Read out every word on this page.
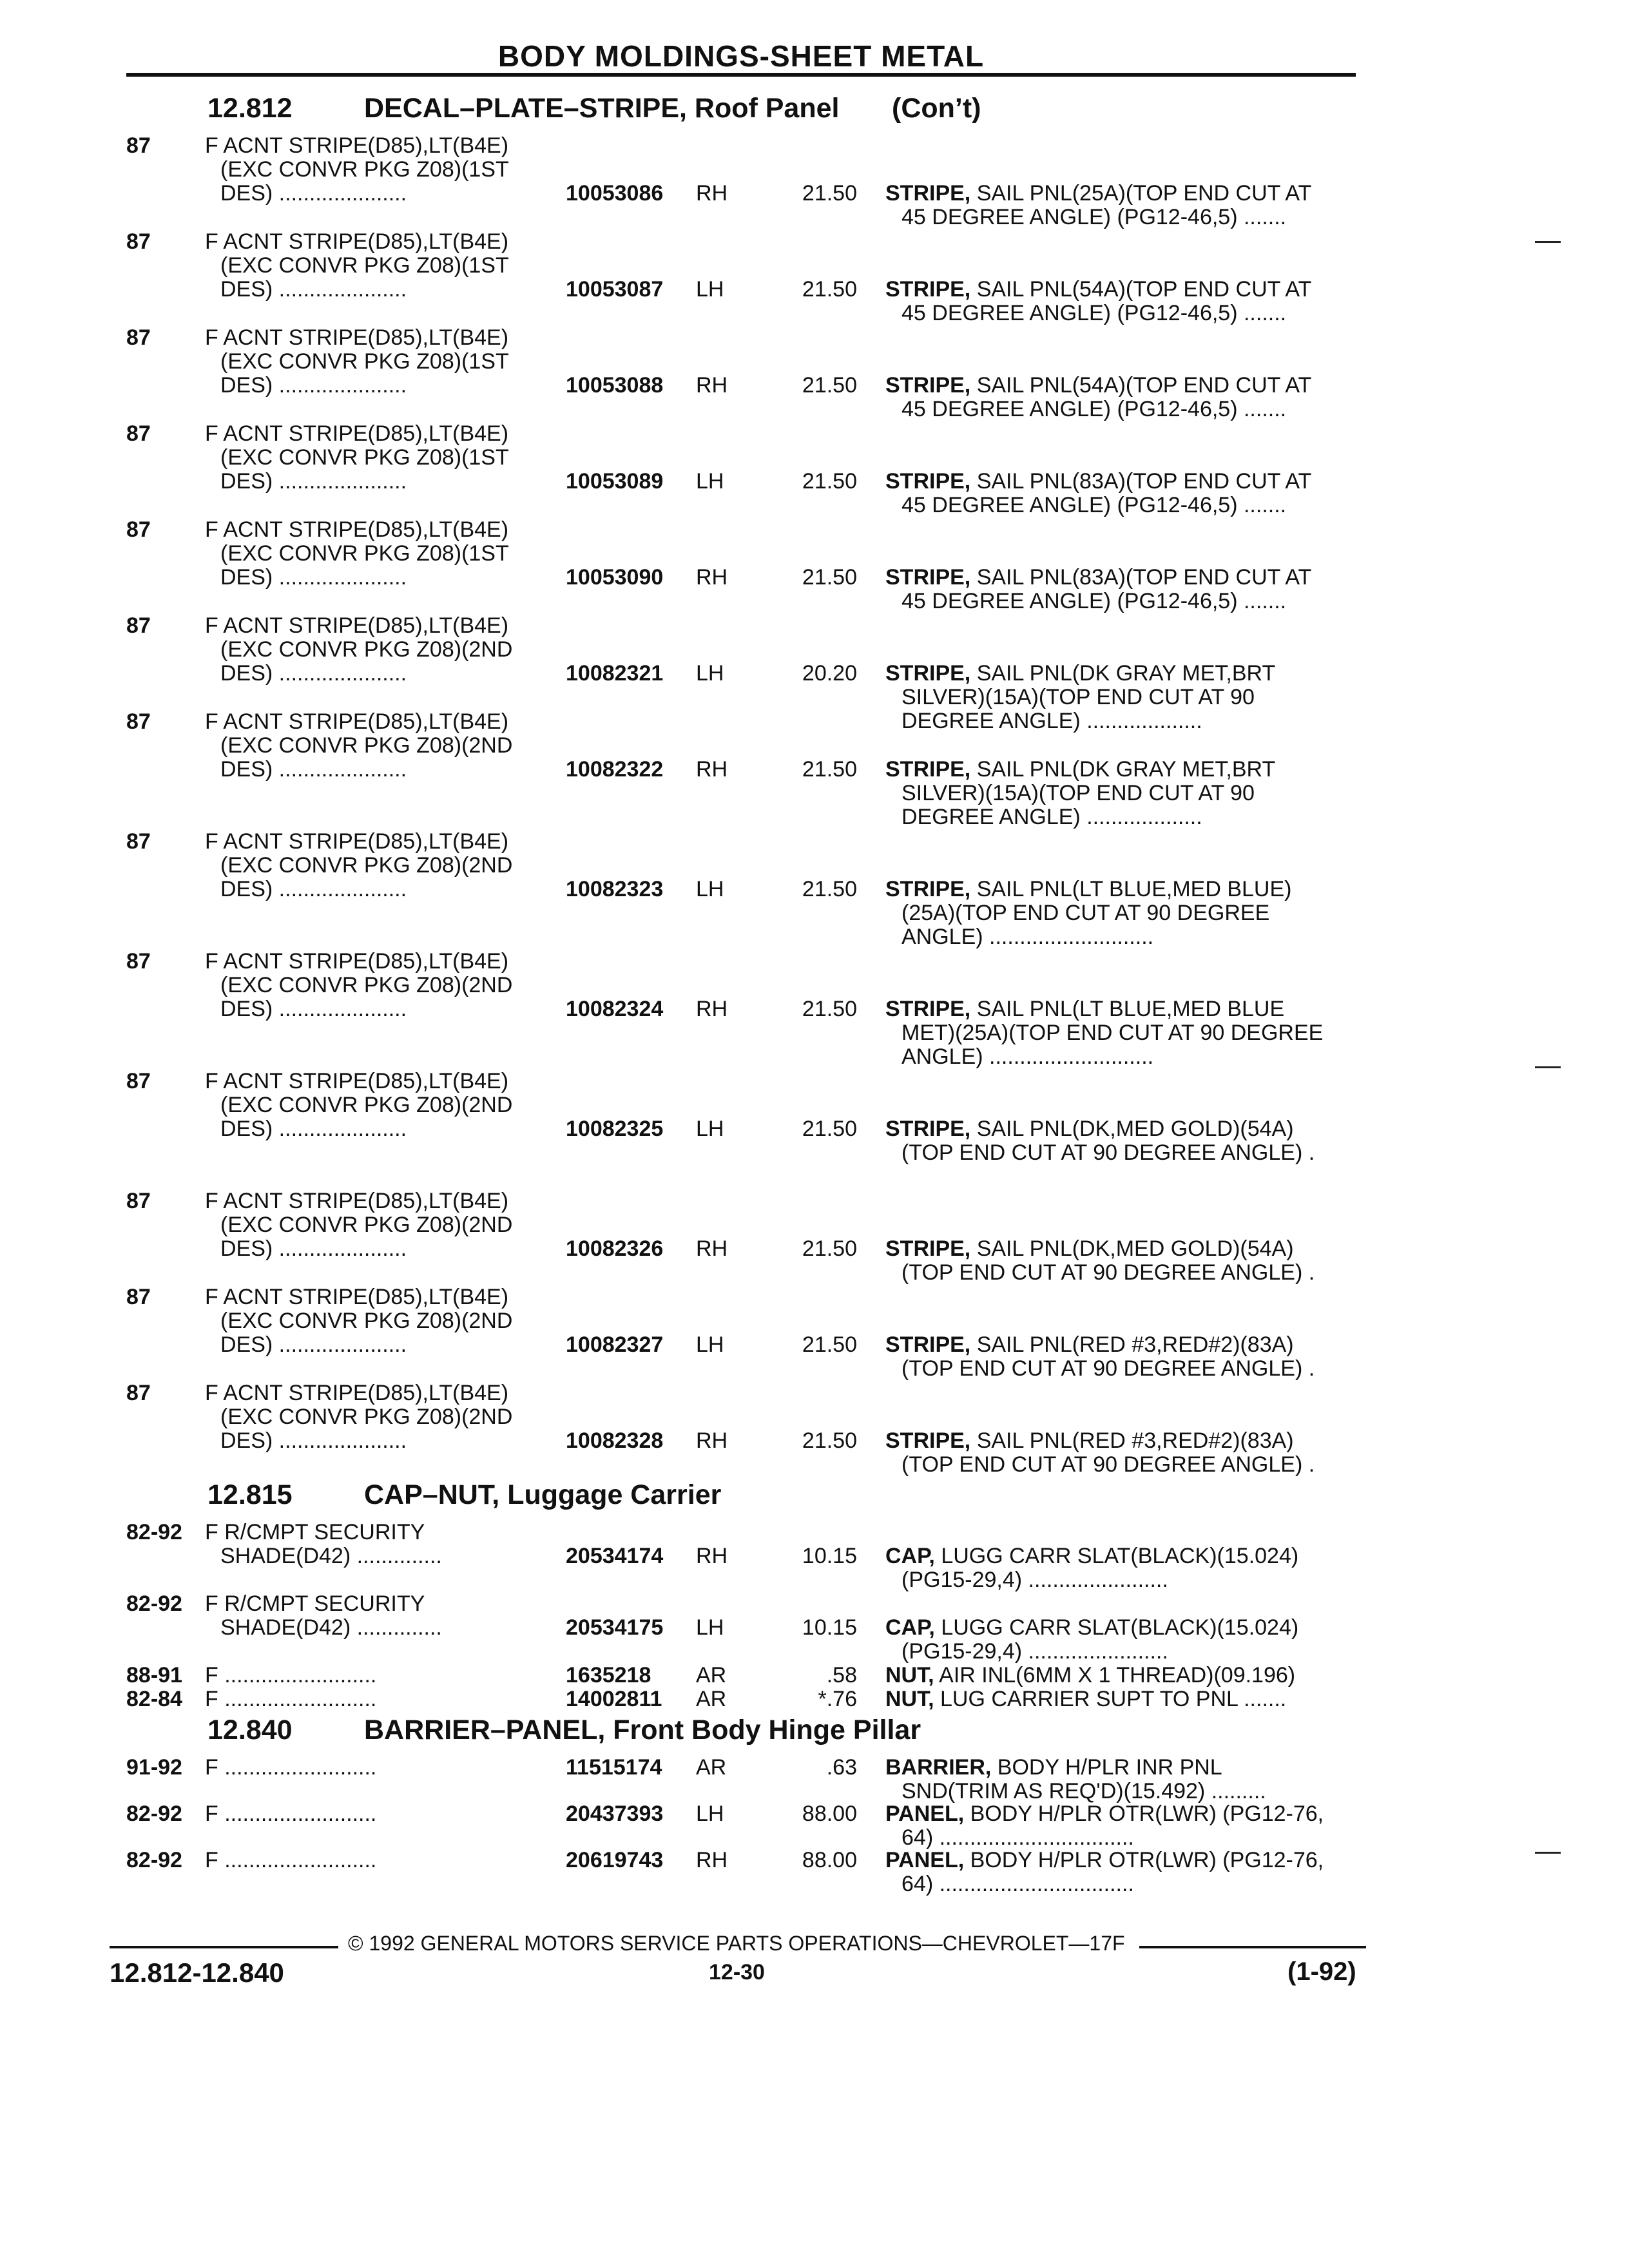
BODY MOLDINGS-SHEET METAL
12.812	DECAL–PLATE–STRIPE, Roof Panel (Con’t)
87 F ACNT STRIPE(D85),LT(B4E)
(EXC CONVR PKG Z08)(1ST
DES) .....................	10053086	RH	21.50 STRIPE, SAIL PNL(25A)(TOP END CUT AT
45 DEGREE ANGLE) (PG12-46,5) .......
87 F ACNT STRIPE(D85),LT(B4E)
(EXC CONVR PKG Z08)(1ST
DES) .....................	10053087	LH	21.50 STRIPE, SAIL PNL(54A)(TOP END CUT AT
45 DEGREE ANGLE) (PG12-46,5) .......
87 F ACNT STRIPE(D85),LT(B4E)
(EXC CONVR PKG Z08)(1ST
DES) .....................	10053088	RH	21.50 STRIPE, SAIL PNL(54A)(TOP END CUT AT
45 DEGREE ANGLE) (PG12-46,5) .......
87 F ACNT STRIPE(D85),LT(B4E)
(EXC CONVR PKG Z08)(1ST
DES) .....................	10053089	LH	21.50 STRIPE, SAIL PNL(83A)(TOP END CUT AT
45 DEGREE ANGLE) (PG12-46,5) .......
87 F ACNT STRIPE(D85),LT(B4E)
(EXC CONVR PKG Z08)(1ST
DES) .....................	10053090	RH	21.50 STRIPE, SAIL PNL(83A)(TOP END CUT AT
45 DEGREE ANGLE) (PG12-46,5) .......
87 F ACNT STRIPE(D85),LT(B4E)
(EXC CONVR PKG Z08)(2ND
DES) .....................	10082321	LH	20.20 STRIPE, SAIL PNL(DK GRAY MET,BRT
SILVER)(15A)(TOP END CUT AT 90
DEGREE ANGLE) ...................
87 F ACNT STRIPE(D85),LT(B4E)
(EXC CONVR PKG Z08)(2ND
DES) .....................	10082322	RH	21.50 STRIPE, SAIL PNL(DK GRAY MET,BRT
SILVER)(15A)(TOP END CUT AT 90
DEGREE ANGLE) ...................
87 F ACNT STRIPE(D85),LT(B4E)
(EXC CONVR PKG Z08)(2ND
DES) .....................	10082323	LH	21.50 STRIPE, SAIL PNL(LT BLUE,MED BLUE)
(25A)(TOP END CUT AT 90 DEGREE
ANGLE) ...........................
87 F ACNT STRIPE(D85),LT(B4E)
(EXC CONVR PKG Z08)(2ND
DES) .....................	10082324	RH	21.50 STRIPE, SAIL PNL(LT BLUE,MED BLUE
MET)(25A)(TOP END CUT AT 90 DEGREE
ANGLE) ...........................
87 F ACNT STRIPE(D85),LT(B4E)
(EXC CONVR PKG Z08)(2ND
DES) .....................	10082325	LH	21.50 STRIPE, SAIL PNL(DK,MED GOLD)(54A)
(TOP END CUT AT 90 DEGREE ANGLE) .
87 F ACNT STRIPE(D85),LT(B4E)
(EXC CONVR PKG Z08)(2ND
DES) .....................	10082326	RH	21.50 STRIPE, SAIL PNL(DK,MED GOLD)(54A)
(TOP END CUT AT 90 DEGREE ANGLE) .
87 F ACNT STRIPE(D85),LT(B4E)
(EXC CONVR PKG Z08)(2ND
DES) .....................	10082327	LH	21.50 STRIPE, SAIL PNL(RED #3,RED#2)(83A)
(TOP END CUT AT 90 DEGREE ANGLE) .
87 F ACNT STRIPE(D85),LT(B4E)
(EXC CONVR PKG Z08)(2ND
DES) .....................	10082328	RH	21.50 STRIPE, SAIL PNL(RED #3,RED#2)(83A)
(TOP END CUT AT 90 DEGREE ANGLE) .
12.815	CAP–NUT, Luggage Carrier
82-92 F R/CMPT SECURITY
SHADE(D42) ..............	20534174	RH	10.15 CAP, LUGG CARR SLAT(BLACK)(15.024)
(PG15-29,4) .......................
82-92 F R/CMPT SECURITY
SHADE(D42) ..............	20534175	LH	10.15 CAP, LUGG CARR SLAT(BLACK)(15.024)
(PG15-29,4) .......................
88-91 F .........................	1635218	AR	.58 NUT, AIR INL(6MM X 1 THREAD)(09.196)
82-84 F .........................	14002811	AR	*.76 NUT, LUG CARRIER SUPT TO PNL .......
12.840	BARRIER–PANEL, Front Body Hinge Pillar
91-92 F .........................	11515174	AR	.63 BARRIER, BODY H/PLR INR PNL
SND(TRIM AS REQ'D)(15.492) .........
82-92 F .........................	20437393	LH	88.00 PANEL, BODY H/PLR OTR(LWR) (PG12-76,
64) ................................
82-92 F .........................	20619743	RH	88.00 PANEL, BODY H/PLR OTR(LWR) (PG12-76,
64) ................................
© 1992 GENERAL MOTORS SERVICE PARTS OPERATIONS—CHEVROLET—17F
12.812-12.840	12-30	(1-92)
